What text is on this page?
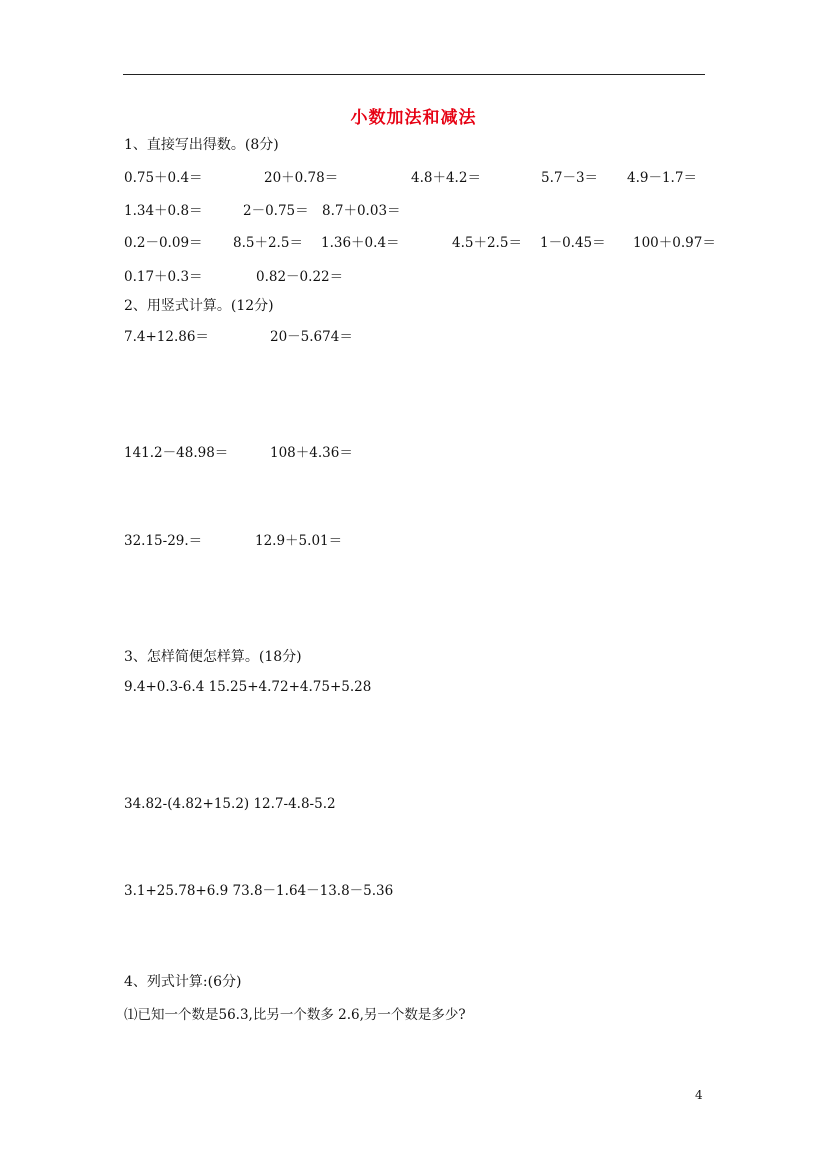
小数加法和减法
1、直接写出得数。(8分)
0.75＋0.4＝	20＋0.78＝	4.8＋4.2＝	5.7－3＝ 4.9－1.7＝
1.34＋0.8＝	2－0.75＝ 8.7＋0.03＝
0.2－0.09＝ 8.5＋2.5＝ 1.36＋0.4＝	4.5＋2.5＝ 1－0.45＝ 100＋0.97＝
0.17＋0.3＝	0.82－0.22＝
2、用竖式计算。(12分)
7.4+12.86＝	20－5.674＝
141.2－48.98＝	108＋4.36＝
32.15-29.＝	12.9＋5.01＝
3、怎样简便怎样算。(18分)
9.4+0.3-6.4 15.25+4.72+4.75+5.28
34.82-(4.82+15.2) 12.7-4.8-5.2
3.1+25.78+6.9 73.8－1.64－13.8－5.36
4、列式计算:(6分)
⑴已知一个数是56.3,比另一个数多 2.6,另一个数是多少?
4
